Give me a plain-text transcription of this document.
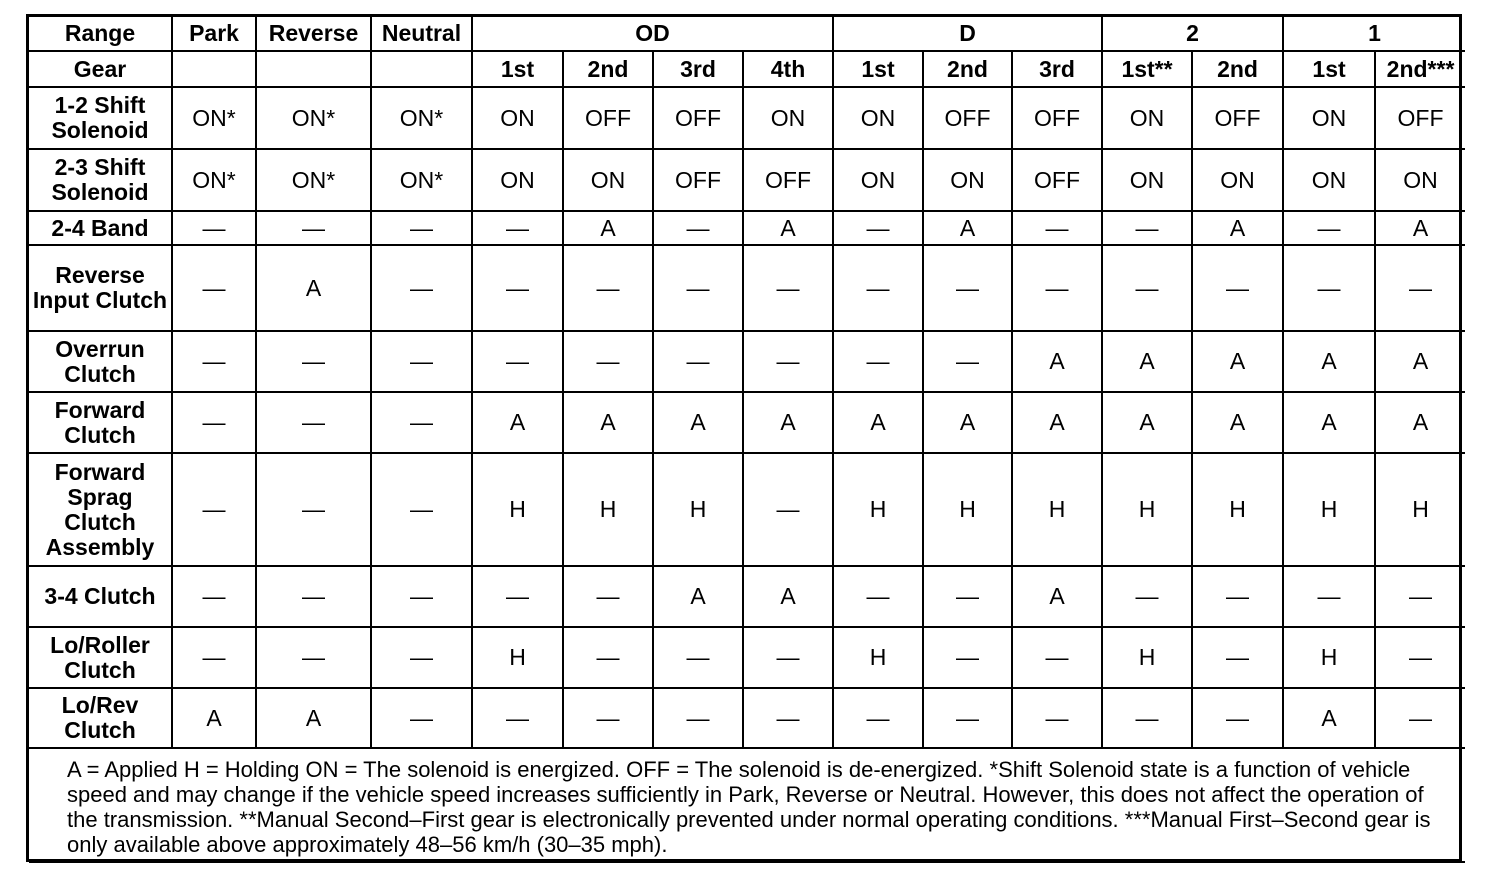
Range	Park	Reverse	Neutral	OD				D			2		1	
Gear				1st	2nd	3rd	4th	1st	2nd	3rd	1st**	2nd	1st	2nd***
1-2 Shift Solenoid	ON*	ON*	ON*	ON	OFF	OFF	ON	ON	OFF	OFF	ON	OFF	ON	OFF
2-3 Shift Solenoid	ON*	ON*	ON*	ON	ON	OFF	OFF	ON	ON	OFF	ON	ON	ON	ON
2-4 Band	—	—	—	—	A	—	A	—	A	—	—	A	—	A
Reverse Input Clutch	—	A	—	—	—	—	—	—	—	—	—	—	—	—
Overrun Clutch	—	—	—	—	—	—	—	—	—	A	A	A	A	A
Forward Clutch	—	—	—	A	A	A	A	A	A	A	A	A	A	A
Forward Sprag Clutch Assembly	—	—	—	H	H	H	—	H	H	H	H	H	H	H
3-4 Clutch	—	—	—	—	—	A	A	—	—	A	—	—	—	—
Lo/Roller Clutch	—	—	—	H	—	—	—	H	—	—	H	—	H	—
Lo/Rev Clutch	A	A	—	—	—	—	—	—	—	—	—	—	A	—

A = Applied H = Holding ON = The solenoid is energized. OFF = The solenoid is de-energized. *Shift Solenoid state is a function of vehicle speed and may change if the vehicle speed increases sufficiently in Park, Reverse or Neutral. However, this does not affect the operation of the transmission. **Manual Second–First gear is electronically prevented under normal operating conditions. ***Manual First–Second gear is only available above approximately 48–56 km/h (30–35 mph).														
